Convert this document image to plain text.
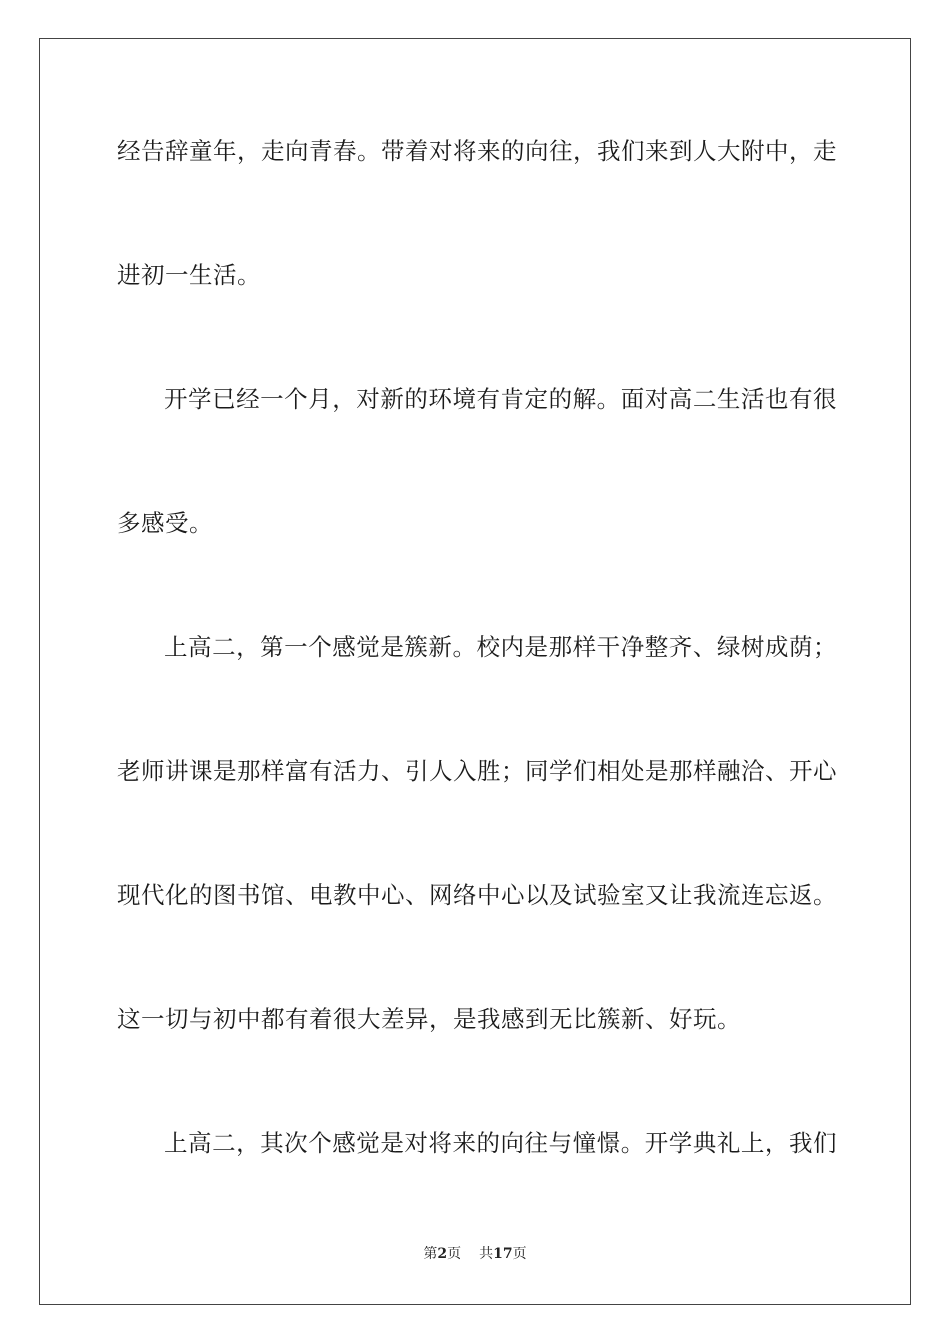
经告辞童年，走向青春。带着对将来的向往，我们来到人大附中，走
进初一生活。
开学已经一个月，对新的环境有肯定的解。面对高二生活也有很
多感受。
上高二，第一个感觉是簇新。校内是那样干净整齐、绿树成荫；
老师讲课是那样富有活力、引人入胜；同学们相处是那样融洽、开心
现代化的图书馆、电教中心、网络中心以及试验室又让我流连忘返。
这一切与初中都有着很大差异，是我感到无比簇新、好玩。
上高二，其次个感觉是对将来的向往与憧憬。开学典礼上，我们
第2页 共17页
